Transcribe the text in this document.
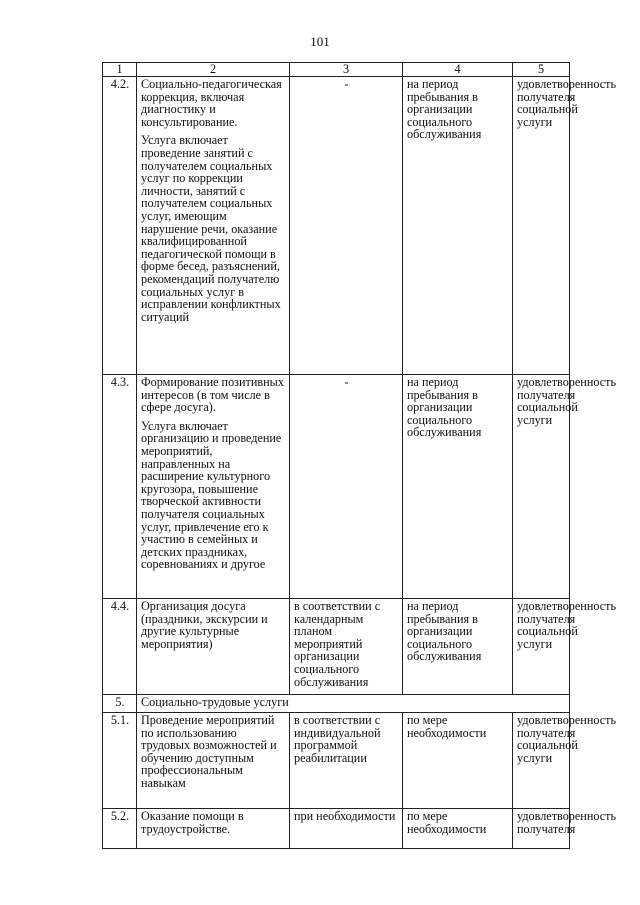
101
1	2	3	4	5
4.2.	Социально-педагогическая коррекция, включая диагностику и консультирование.
Услуга включает проведение занятий с получателем социальных услуг по коррекции личности, занятий с получателем социальных услуг, имеющим нарушение речи, оказание квалифицированной педагогической помощи в форме бесед, разъяснений, рекомендаций получателю социальных услуг в исправлении конфликтных ситуаций	-	на период пребывания в организации социального обслуживания	удовлетворенность получателя социальной услуги
4.3.	Формирование позитивных интересов (в том числе в сфере досуга).
Услуга включает организацию и проведение мероприятий, направленных на расширение культурного кругозора, повышение творческой активности получателя социальных услуг, привлечение его к участию в семейных и детских праздниках, соревнованиях и другое	-	на период пребывания в организации социального обслуживания	удовлетворенность получателя социальной услуги
4.4.	Организация досуга (праздники, экскурсии и другие культурные мероприятия)	в соответствии с календарным планом мероприятий организации социального обслуживания	на период пребывания в организации социального обслуживания	удовлетворенность получателя социальной услуги
5.	Социально-трудовые услуги			
5.1.	Проведение мероприятий по использованию трудовых возможностей и обучению доступным профессиональным навыкам	в соответствии с индивидуальной программой реабилитации	по мере необходимости	удовлетворенность получателя социальной услуги
5.2.	Оказание помощи в трудоустройстве.	при необходимости	по мере необходимости	удовлетворенность получателя
